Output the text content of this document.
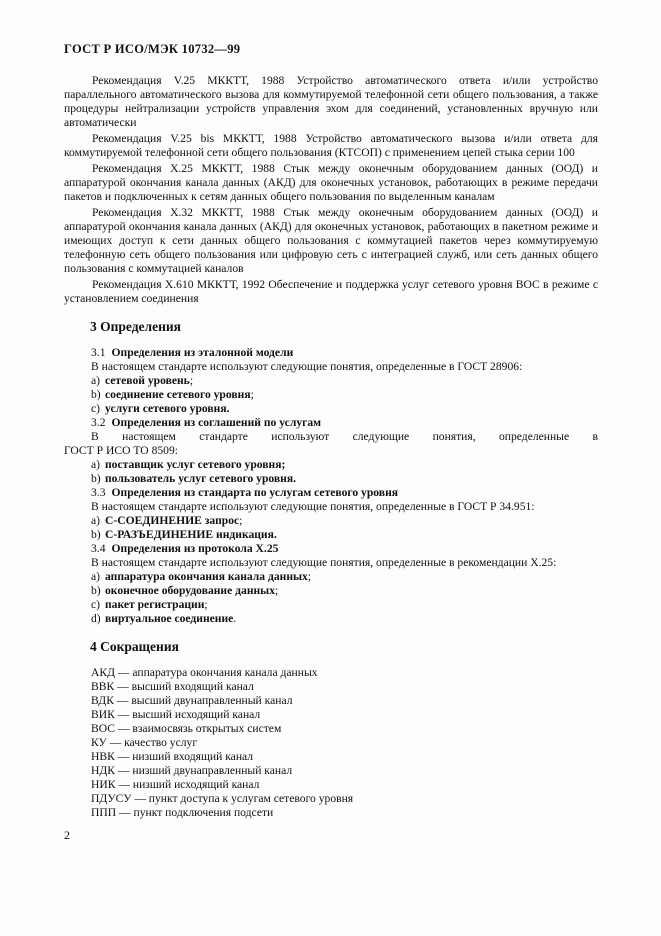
ГОСТ Р ИСО/МЭК 10732—99

Рекомендация V.25 МККТТ, 1988 Устройство автоматического ответа и/или устройство параллельного автоматического вызова для коммутируемой телефонной сети общего пользования, а также процедуры нейтрализации устройств управления эхом для соединений, установленных вручную или автоматически

Рекомендация V.25 bis МККТТ, 1988 Устройство автоматического вызова и/или ответа для коммутируемой телефонной сети общего пользования (КТСОП) с применением цепей стыка серии 100

Рекомендация X.25 МККТТ, 1988 Стык между оконечным оборудованием данных (ООД) и аппаратурой окончания канала данных (АКД) для оконечных установок, работающих в режиме передачи пакетов и подключенных к сетям данных общего пользования по выделенным каналам

Рекомендация X.32 МККТТ, 1988 Стык между оконечным оборудованием данных (ООД) и аппаратурой окончания канала данных (АКД) для оконечных установок, работающих в пакетном режиме и имеющих доступ к сети данных общего пользования с коммутацией пакетов через коммутируемую телефонную сеть общего пользования или цифровую сеть с интеграцией служб, или сеть данных общего пользования с коммутацией каналов

Рекомендация X.610 МККТТ, 1992 Обеспечение и поддержка услуг сетевого уровня ВОС в режиме с установлением соединения

3 Определения

3.1 Определения из эталонной модели

В настоящем стандарте используют следующие понятия, определенные в ГОСТ 28906:

a) сетевой уровень;

b) соединение сетевого уровня;

c) услуги сетевого уровня.

3.2 Определения из соглашений по услугам

В настоящем стандарте используют следующие понятия, определенные в

ГОСТ Р ИСО ТО 8509:

a) поставщик услуг сетевого уровня;

b) пользователь услуг сетевого уровня.

3.3 Определения из стандарта по услугам сетевого уровня

В настоящем стандарте используют следующие понятия, определенные в ГОСТ Р 34.951:

a) С-СОЕДИНЕНИЕ запрос;

b) С-РАЗЪЕДИНЕНИЕ индикация.

3.4 Определения из протокола X.25

В настоящем стандарте используют следующие понятия, определенные в рекомендации X.25:

a) аппаратура окончания канала данных;

b) оконечное оборудование данных;

c) пакет регистрации;

d) виртуальное соединение.

4 Сокращения

АКД — аппаратура окончания канала данных

ВВК — высший входящий канал

ВДК — высший двунаправленный канал

ВИК — высший исходящий канал

ВОС — взаимосвязь открытых систем

КУ — качество услуг

НВК — низший входящий канал

НДК — низший двунаправленный канал

НИК — низший исходящий канал

ПДУСУ — пункт доступа к услугам сетевого уровня

ППП — пункт подключения подсети

2
